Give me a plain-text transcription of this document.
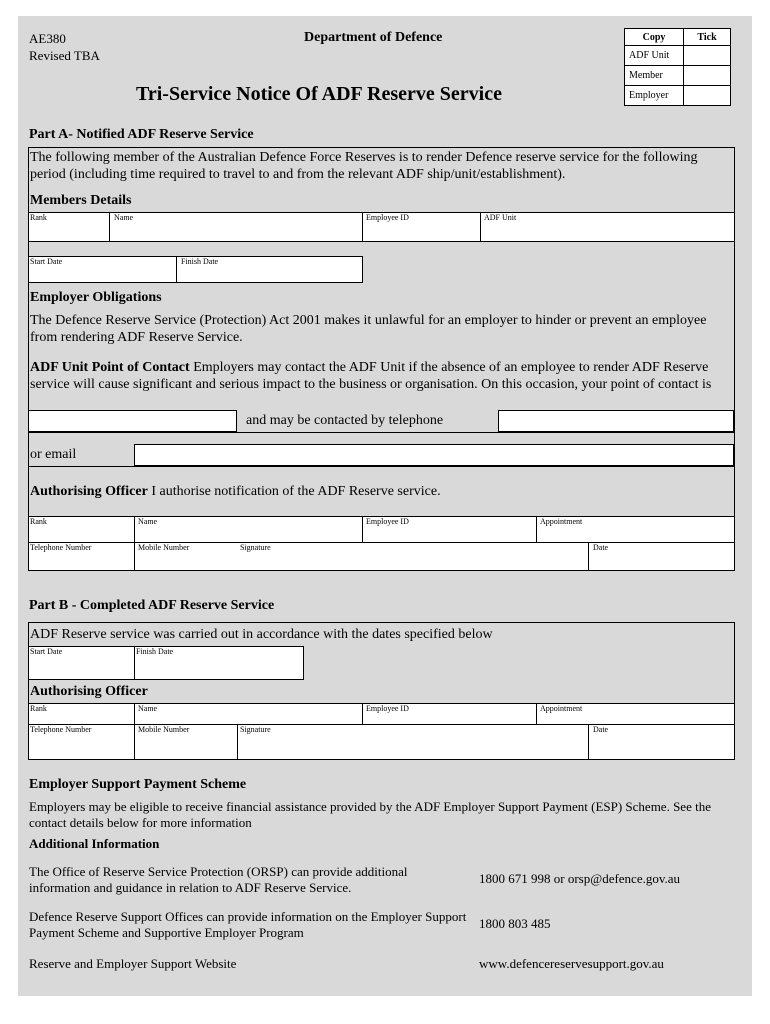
AE380
Revised TBA
Department of Defence
Tri-Service Notice Of ADF Reserve Service
Copy	Tick
ADF Unit	
Member	
Employer	
Part A- Notified ADF Reserve Service
The following member of the Australian Defence Force Reserves is to render Defence reserve service for the following period (including time required to travel to and from the relevant ADF ship/unit/establishment).
Members Details
Rank	Name	Employee ID	ADF Unit
Start Date	Finish Date
Employer Obligations
The Defence Reserve Service (Protection) Act 2001 makes it unlawful for an employer to hinder or prevent an employee from rendering ADF Reserve Service.
ADF Unit Point of Contact Employers may contact the ADF Unit if the absence of an employee to render ADF Reserve service will cause significant and serious impact to the business or organisation. On this occasion, your point of contact is
and may be contacted by telephone
or email
Authorising Officer I authorise notification of the ADF Reserve service.
Rank	Name	Employee ID	Appointment
Telephone Number	Mobile Number	Signature	Date
Part B - Completed ADF Reserve Service
ADF Reserve service was carried out in accordance with the dates specified below
Start Date	Finish Date
Authorising Officer
Rank	Name	Employee ID	Appointment
Telephone Number	Mobile Number	Signature	Date
Employer Support Payment Scheme
Employers may be eligible to receive financial assistance provided by the ADF Employer Support Payment (ESP) Scheme. See the contact details below for more information
Additional Information
The Office of Reserve Service Protection (ORSP) can provide additional information and guidance in relation to ADF Reserve Service.
1800 671 998 or orsp@defence.gov.au
Defence Reserve Support Offices can provide information on the Employer Support Payment Scheme and Supportive Employer Program
1800 803 485
Reserve and Employer Support Website	www.defencereservesupport.gov.au
